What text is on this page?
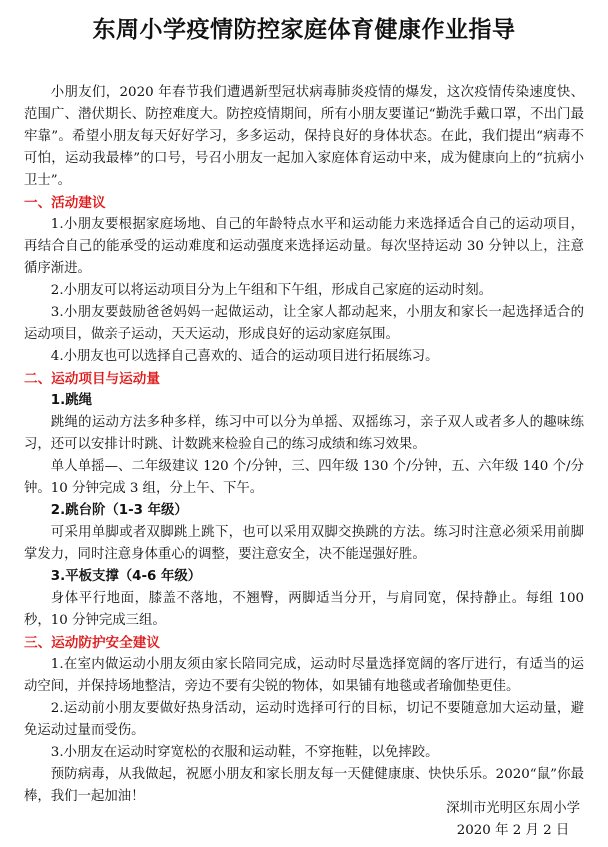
东周小学疫情防控家庭体育健康作业指导

小朋友们，2020 年春节我们遭遇新型冠状病毒肺炎疫情的爆发，这次疫情传染速度快、范围广、潜伏期长、防控难度大。防控疫情期间，所有小朋友要谨记“勤洗手戴口罩，不出门最牢靠”。希望小朋友每天好好学习，多多运动，保持良好的身体状态。在此，我们提出“病毒不可怕，运动我最棒”的口号，号召小朋友一起加入家庭体育运动中来，成为健康向上的“抗病小卫士”。

一、活动建议

1.小朋友要根据家庭场地、自己的年龄特点水平和运动能力来选择适合自己的运动项目，再结合自己的能承受的运动难度和运动强度来选择运动量。每次坚持运动 30 分钟以上，注意循序渐进。

2.小朋友可以将运动项目分为上午组和下午组，形成自己家庭的运动时刻。

3.小朋友要鼓励爸爸妈妈一起做运动，让全家人都动起来，小朋友和家长一起选择适合的运动项目，做亲子运动，天天运动，形成良好的运动家庭氛围。

4.小朋友也可以选择自己喜欢的、适合的运动项目进行拓展练习。

二、运动项目与运动量

1.跳绳

跳绳的运动方法多种多样，练习中可以分为单摇、双摇练习，亲子双人或者多人的趣味练习，还可以安排计时跳、计数跳来检验自己的练习成绩和练习效果。

单人单摇—、二年级建议 120 个/分钟，三、四年级 130 个/分钟，五、六年级 140 个/分钟。10 分钟完成 3 组，分上午、下午。

2.跳台阶（1-3 年级）

可采用单脚或者双脚跳上跳下，也可以采用双脚交换跳的方法。练习时注意必须采用前脚掌发力，同时注意身体重心的调整，要注意安全，决不能逞强好胜。

3.平板支撑（4-6 年级）

身体平行地面，膝盖不落地，不翘臀，两脚适当分开，与肩同宽，保持静止。每组 100 秒，10 分钟完成三组。

三、运动防护安全建议

1.在室内做运动小朋友须由家长陪同完成，运动时尽量选择宽阔的客厅进行，有适当的运动空间，并保持场地整洁，旁边不要有尖锐的物体，如果铺有地毯或者瑜伽垫更佳。

2.运动前小朋友要做好热身活动，运动时选择可行的目标，切记不要随意加大运动量，避免运动过量而受伤。

3.小朋友在运动时穿宽松的衣服和运动鞋，不穿拖鞋，以免摔跤。

预防病毒，从我做起，祝愿小朋友和家长朋友每一天健健康康、快快乐乐。2020“鼠”你最棒，我们一起加油！

深圳市光明区东周小学
2020 年 2 月 2 日
